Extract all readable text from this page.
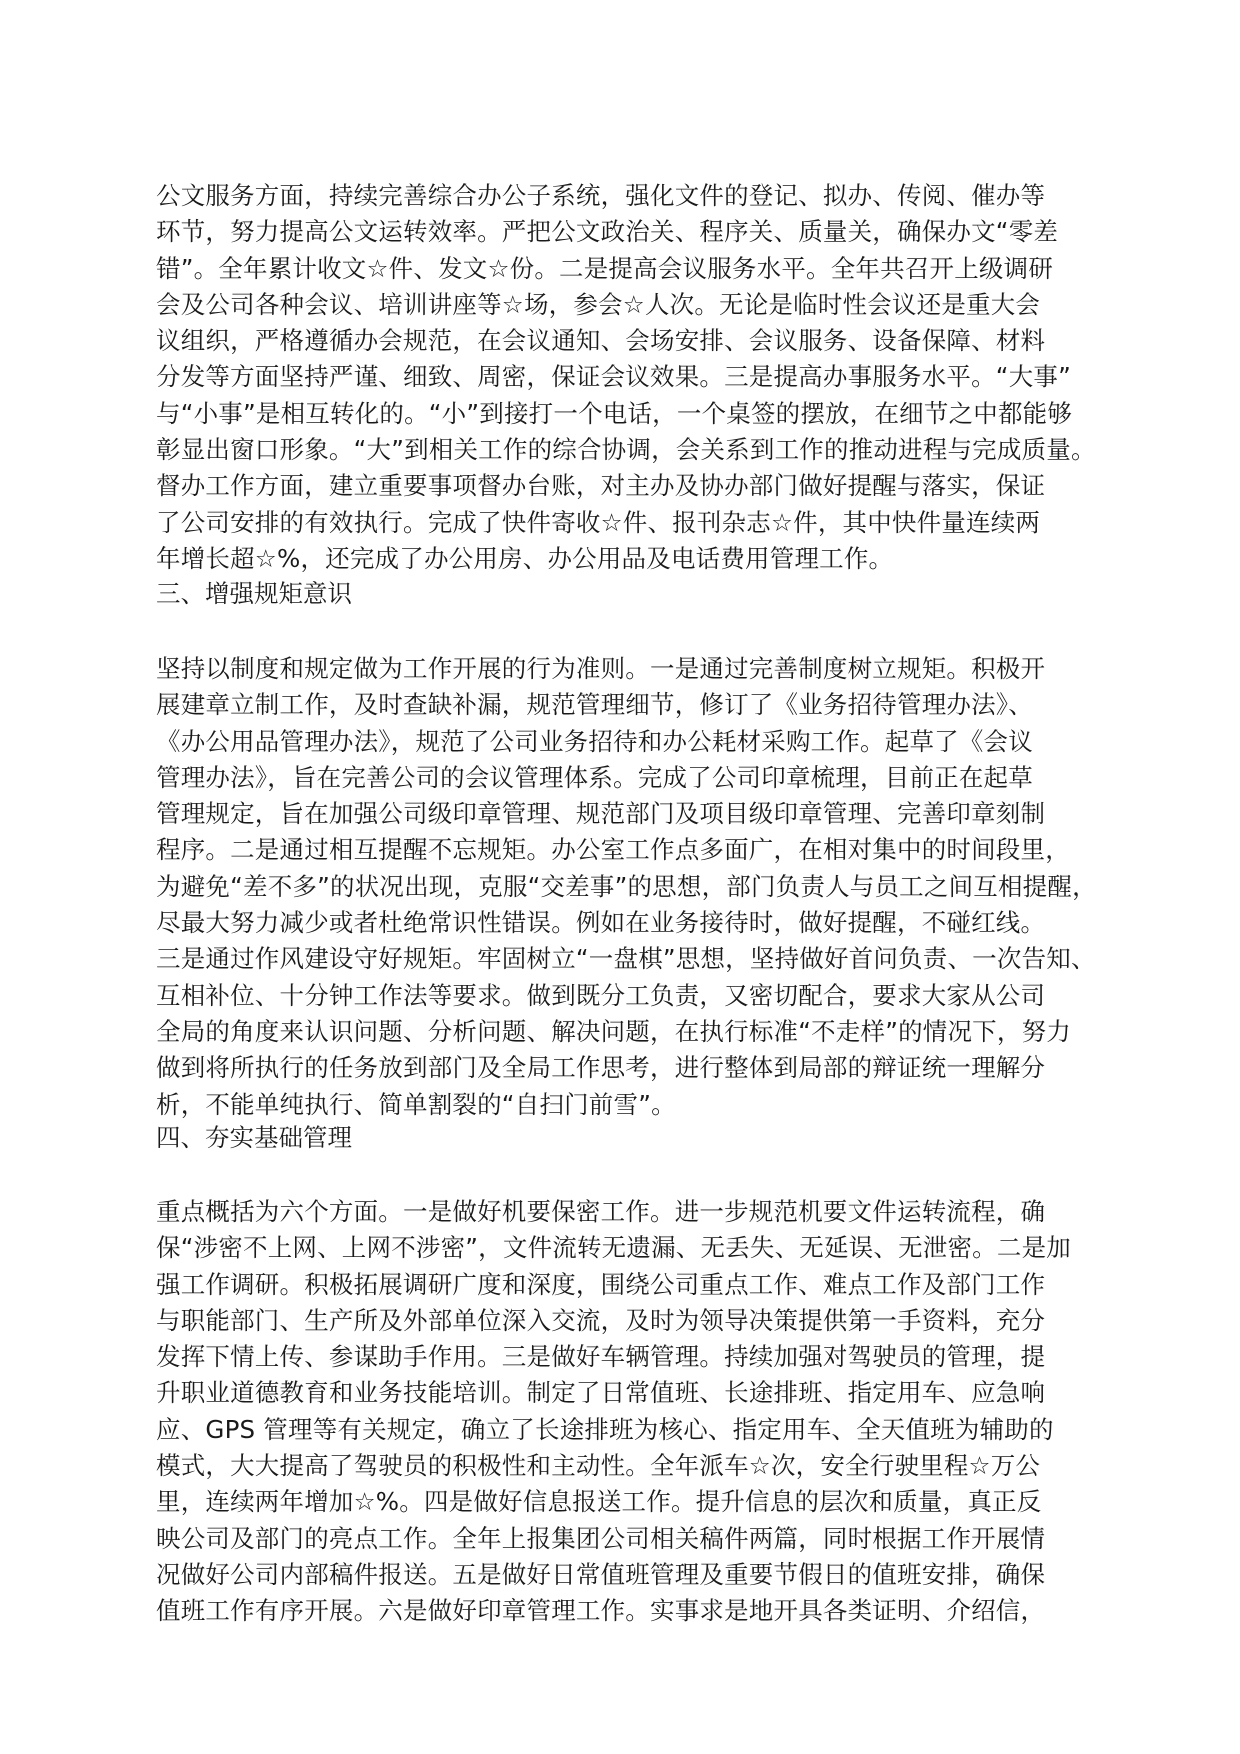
公文服务方面，持续完善综合办公子系统，强化文件的登记、拟办、传阅、催办等
环节，努力提高公文运转效率。严把公文政治关、程序关、质量关，确保办文“零差
错”。全年累计收文☆件、发文☆份。二是提高会议服务水平。全年共召开上级调研
会及公司各种会议、培训讲座等☆场，参会☆人次。无论是临时性会议还是重大会
议组织，严格遵循办会规范，在会议通知、会场安排、会议服务、设备保障、材料
分发等方面坚持严谨、细致、周密，保证会议效果。三是提高办事服务水平。“大事”
与“小事”是相互转化的。“小”到接打一个电话，一个桌签的摆放，在细节之中都能够
彰显出窗口形象。“大”到相关工作的综合协调，会关系到工作的推动进程与完成质量。
督办工作方面，建立重要事项督办台账，对主办及协办部门做好提醒与落实，保证
了公司安排的有效执行。完成了快件寄收☆件、报刊杂志☆件，其中快件量连续两
年增长超☆%，还完成了办公用房、办公用品及电话费用管理工作。
三、增强规矩意识
坚持以制度和规定做为工作开展的行为准则。一是通过完善制度树立规矩。积极开
展建章立制工作，及时查缺补漏，规范管理细节，修订了《业务招待管理办法》、
《办公用品管理办法》，规范了公司业务招待和办公耗材采购工作。起草了《会议
管理办法》，旨在完善公司的会议管理体系。完成了公司印章梳理，目前正在起草
管理规定，旨在加强公司级印章管理、规范部门及项目级印章管理、完善印章刻制
程序。二是通过相互提醒不忘规矩。办公室工作点多面广，在相对集中的时间段里，
为避免“差不多”的状况出现，克服“交差事”的思想，部门负责人与员工之间互相提醒，
尽最大努力减少或者杜绝常识性错误。例如在业务接待时，做好提醒，不碰红线。
三是通过作风建设守好规矩。牢固树立“一盘棋”思想，坚持做好首问负责、一次告知、
互相补位、十分钟工作法等要求。做到既分工负责，又密切配合，要求大家从公司
全局的角度来认识问题、分析问题、解决问题，在执行标准“不走样”的情况下，努力
做到将所执行的任务放到部门及全局工作思考，进行整体到局部的辩证统一理解分
析，不能单纯执行、简单割裂的“自扫门前雪”。
四、夯实基础管理
重点概括为六个方面。一是做好机要保密工作。进一步规范机要文件运转流程，确
保“涉密不上网、上网不涉密”，文件流转无遗漏、无丢失、无延误、无泄密。二是加
强工作调研。积极拓展调研广度和深度，围绕公司重点工作、难点工作及部门工作
与职能部门、生产所及外部单位深入交流，及时为领导决策提供第一手资料，充分
发挥下情上传、参谋助手作用。三是做好车辆管理。持续加强对驾驶员的管理，提
升职业道德教育和业务技能培训。制定了日常值班、长途排班、指定用车、应急响
应、GPS 管理等有关规定，确立了长途排班为核心、指定用车、全天值班为辅助的
模式，大大提高了驾驶员的积极性和主动性。全年派车☆次，安全行驶里程☆万公
里，连续两年增加☆%。四是做好信息报送工作。提升信息的层次和质量，真正反
映公司及部门的亮点工作。全年上报集团公司相关稿件两篇，同时根据工作开展情
况做好公司内部稿件报送。五是做好日常值班管理及重要节假日的值班安排，确保
值班工作有序开展。六是做好印章管理工作。实事求是地开具各类证明、介绍信，
